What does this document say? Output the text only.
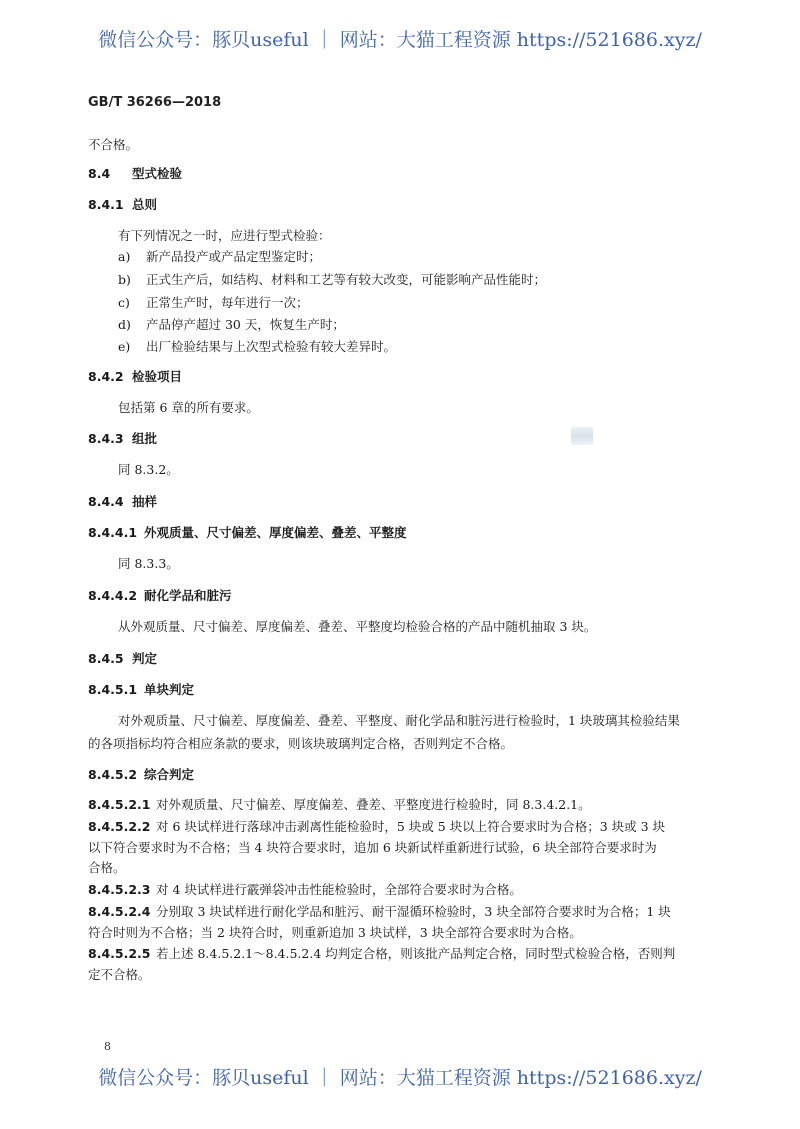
微信公众号：豚贝useful ｜ 网站：大猫工程资源 https://521686.xyz/
GB/T 36266—2018
不合格。
8.4 型式检验
8.4.1 总则
有下列情况之一时，应进行型式检验：
a) 新产品投产或产品定型鉴定时；
b) 正式生产后，如结构、材料和工艺等有较大改变，可能影响产品性能时；
c) 正常生产时，每年进行一次；
d) 产品停产超过 30 天，恢复生产时；
e) 出厂检验结果与上次型式检验有较大差异时。
8.4.2 检验项目
包括第 6 章的所有要求。
8.4.3 组批
同 8.3.2。
8.4.4 抽样
8.4.4.1 外观质量、尺寸偏差、厚度偏差、叠差、平整度
同 8.3.3。
8.4.4.2 耐化学品和脏污
从外观质量、尺寸偏差、厚度偏差、叠差、平整度均检验合格的产品中随机抽取 3 块。
8.4.5 判定
8.4.5.1 单块判定
对外观质量、尺寸偏差、厚度偏差、叠差、平整度、耐化学品和脏污进行检验时，1 块玻璃其检验结果
的各项指标均符合相应条款的要求，则该块玻璃判定合格，否则判定不合格。
8.4.5.2 综合判定
8.4.5.2.1 对外观质量、尺寸偏差、厚度偏差、叠差、平整度进行检验时，同 8.3.4.2.1。
8.4.5.2.2 对 6 块试样进行落球冲击剥离性能检验时，5 块或 5 块以上符合要求时为合格；3 块或 3 块
以下符合要求时为不合格；当 4 块符合要求时，追加 6 块新试样重新进行试验，6 块全部符合要求时为
合格。
8.4.5.2.3 对 4 块试样进行霰弹袋冲击性能检验时，全部符合要求时为合格。
8.4.5.2.4 分别取 3 块试样进行耐化学品和脏污、耐干湿循环检验时，3 块全部符合要求时为合格；1 块
符合时则为不合格；当 2 块符合时，则重新追加 3 块试样，3 块全部符合要求时为合格。
8.4.5.2.5 若上述 8.4.5.2.1～8.4.5.2.4 均判定合格，则该批产品判定合格，同时型式检验合格，否则判
定不合格。
8
微信公众号：豚贝useful ｜ 网站：大猫工程资源 https://521686.xyz/
